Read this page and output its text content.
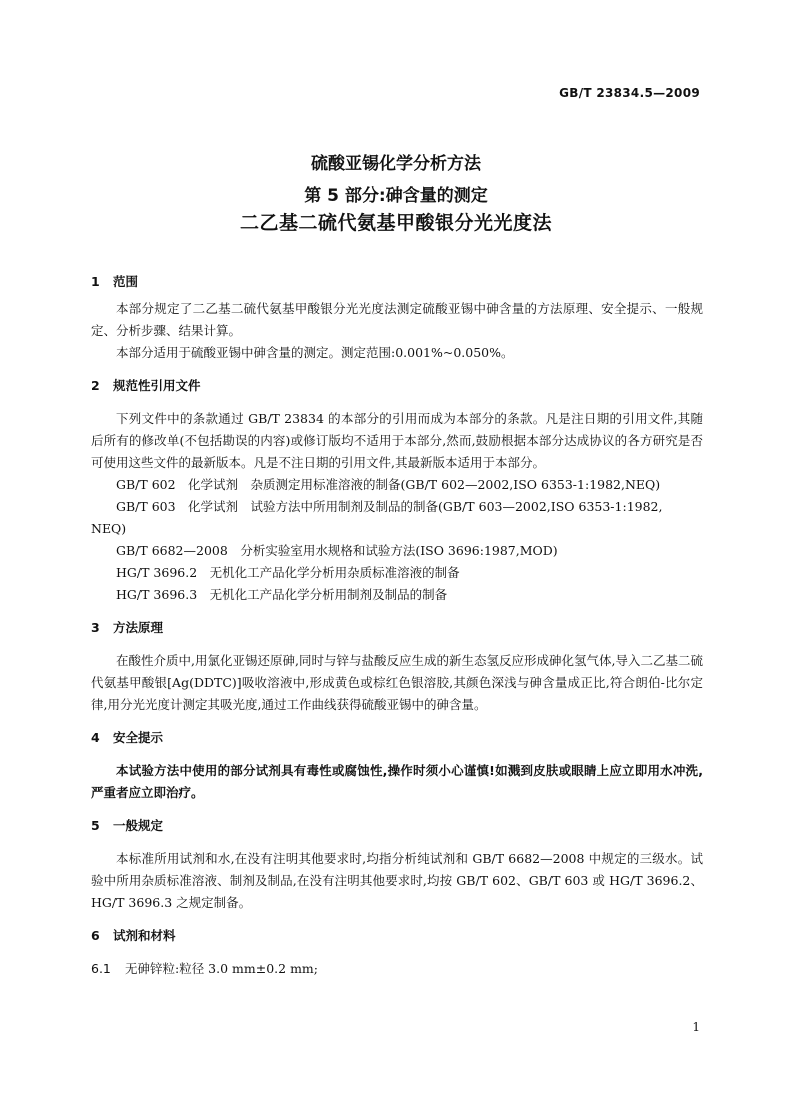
GB/T 23834.5—2009
硫酸亚锡化学分析方法
第 5 部分:砷含量的测定
二乙基二硫代氨基甲酸银分光光度法
1 范围

本部分规定了二乙基二硫代氨基甲酸银分光光度法测定硫酸亚锡中砷含量的方法原理、安全提示、一般规定、分析步骤、结果计算。

本部分适用于硫酸亚锡中砷含量的测定。测定范围:0.001%~0.050%。

2 规范性引用文件

下列文件中的条款通过 GB/T 23834 的本部分的引用而成为本部分的条款。凡是注日期的引用文件,其随后所有的修改单(不包括勘误的内容)或修订版均不适用于本部分,然而,鼓励根据本部分达成协议的各方研究是否可使用这些文件的最新版本。凡是不注日期的引用文件,其最新版本适用于本部分。

GB/T 602　化学试剂　杂质测定用标准溶液的制备(GB/T 602—2002,ISO 6353-1:1982,NEQ)

GB/T 603　化学试剂　试验方法中所用制剂及制品的制备(GB/T 603—2002,ISO 6353-1:1982,

NEQ)

GB/T 6682—2008　分析实验室用水规格和试验方法(ISO 3696:1987,MOD)

HG/T 3696.2　无机化工产品化学分析用杂质标准溶液的制备

HG/T 3696.3　无机化工产品化学分析用制剂及制品的制备

3 方法原理

在酸性介质中,用氯化亚锡还原砷,同时与锌与盐酸反应生成的新生态氢反应形成砷化氢气体,导入二乙基二硫代氨基甲酸银[Ag(DDTC)]吸收溶液中,形成黄色或棕红色银溶胶,其颜色深浅与砷含量成正比,符合朗伯-比尔定律,用分光光度计测定其吸光度,通过工作曲线获得硫酸亚锡中的砷含量。

4 安全提示

本试验方法中使用的部分试剂具有毒性或腐蚀性,操作时须小心谨慎!如溅到皮肤或眼睛上应立即用水冲洗,严重者应立即治疗。

5 一般规定

本标准所用试剂和水,在没有注明其他要求时,均指分析纯试剂和 GB/T 6682—2008 中规定的三级水。试验中所用杂质标准溶液、制剂及制品,在没有注明其他要求时,均按 GB/T 602、GB/T 603 或 HG/T 3696.2、HG/T 3696.3 之规定制备。

6 试剂和材料

6.1 无砷锌粒:粒径 3.0 mm±0.2 mm;

1
